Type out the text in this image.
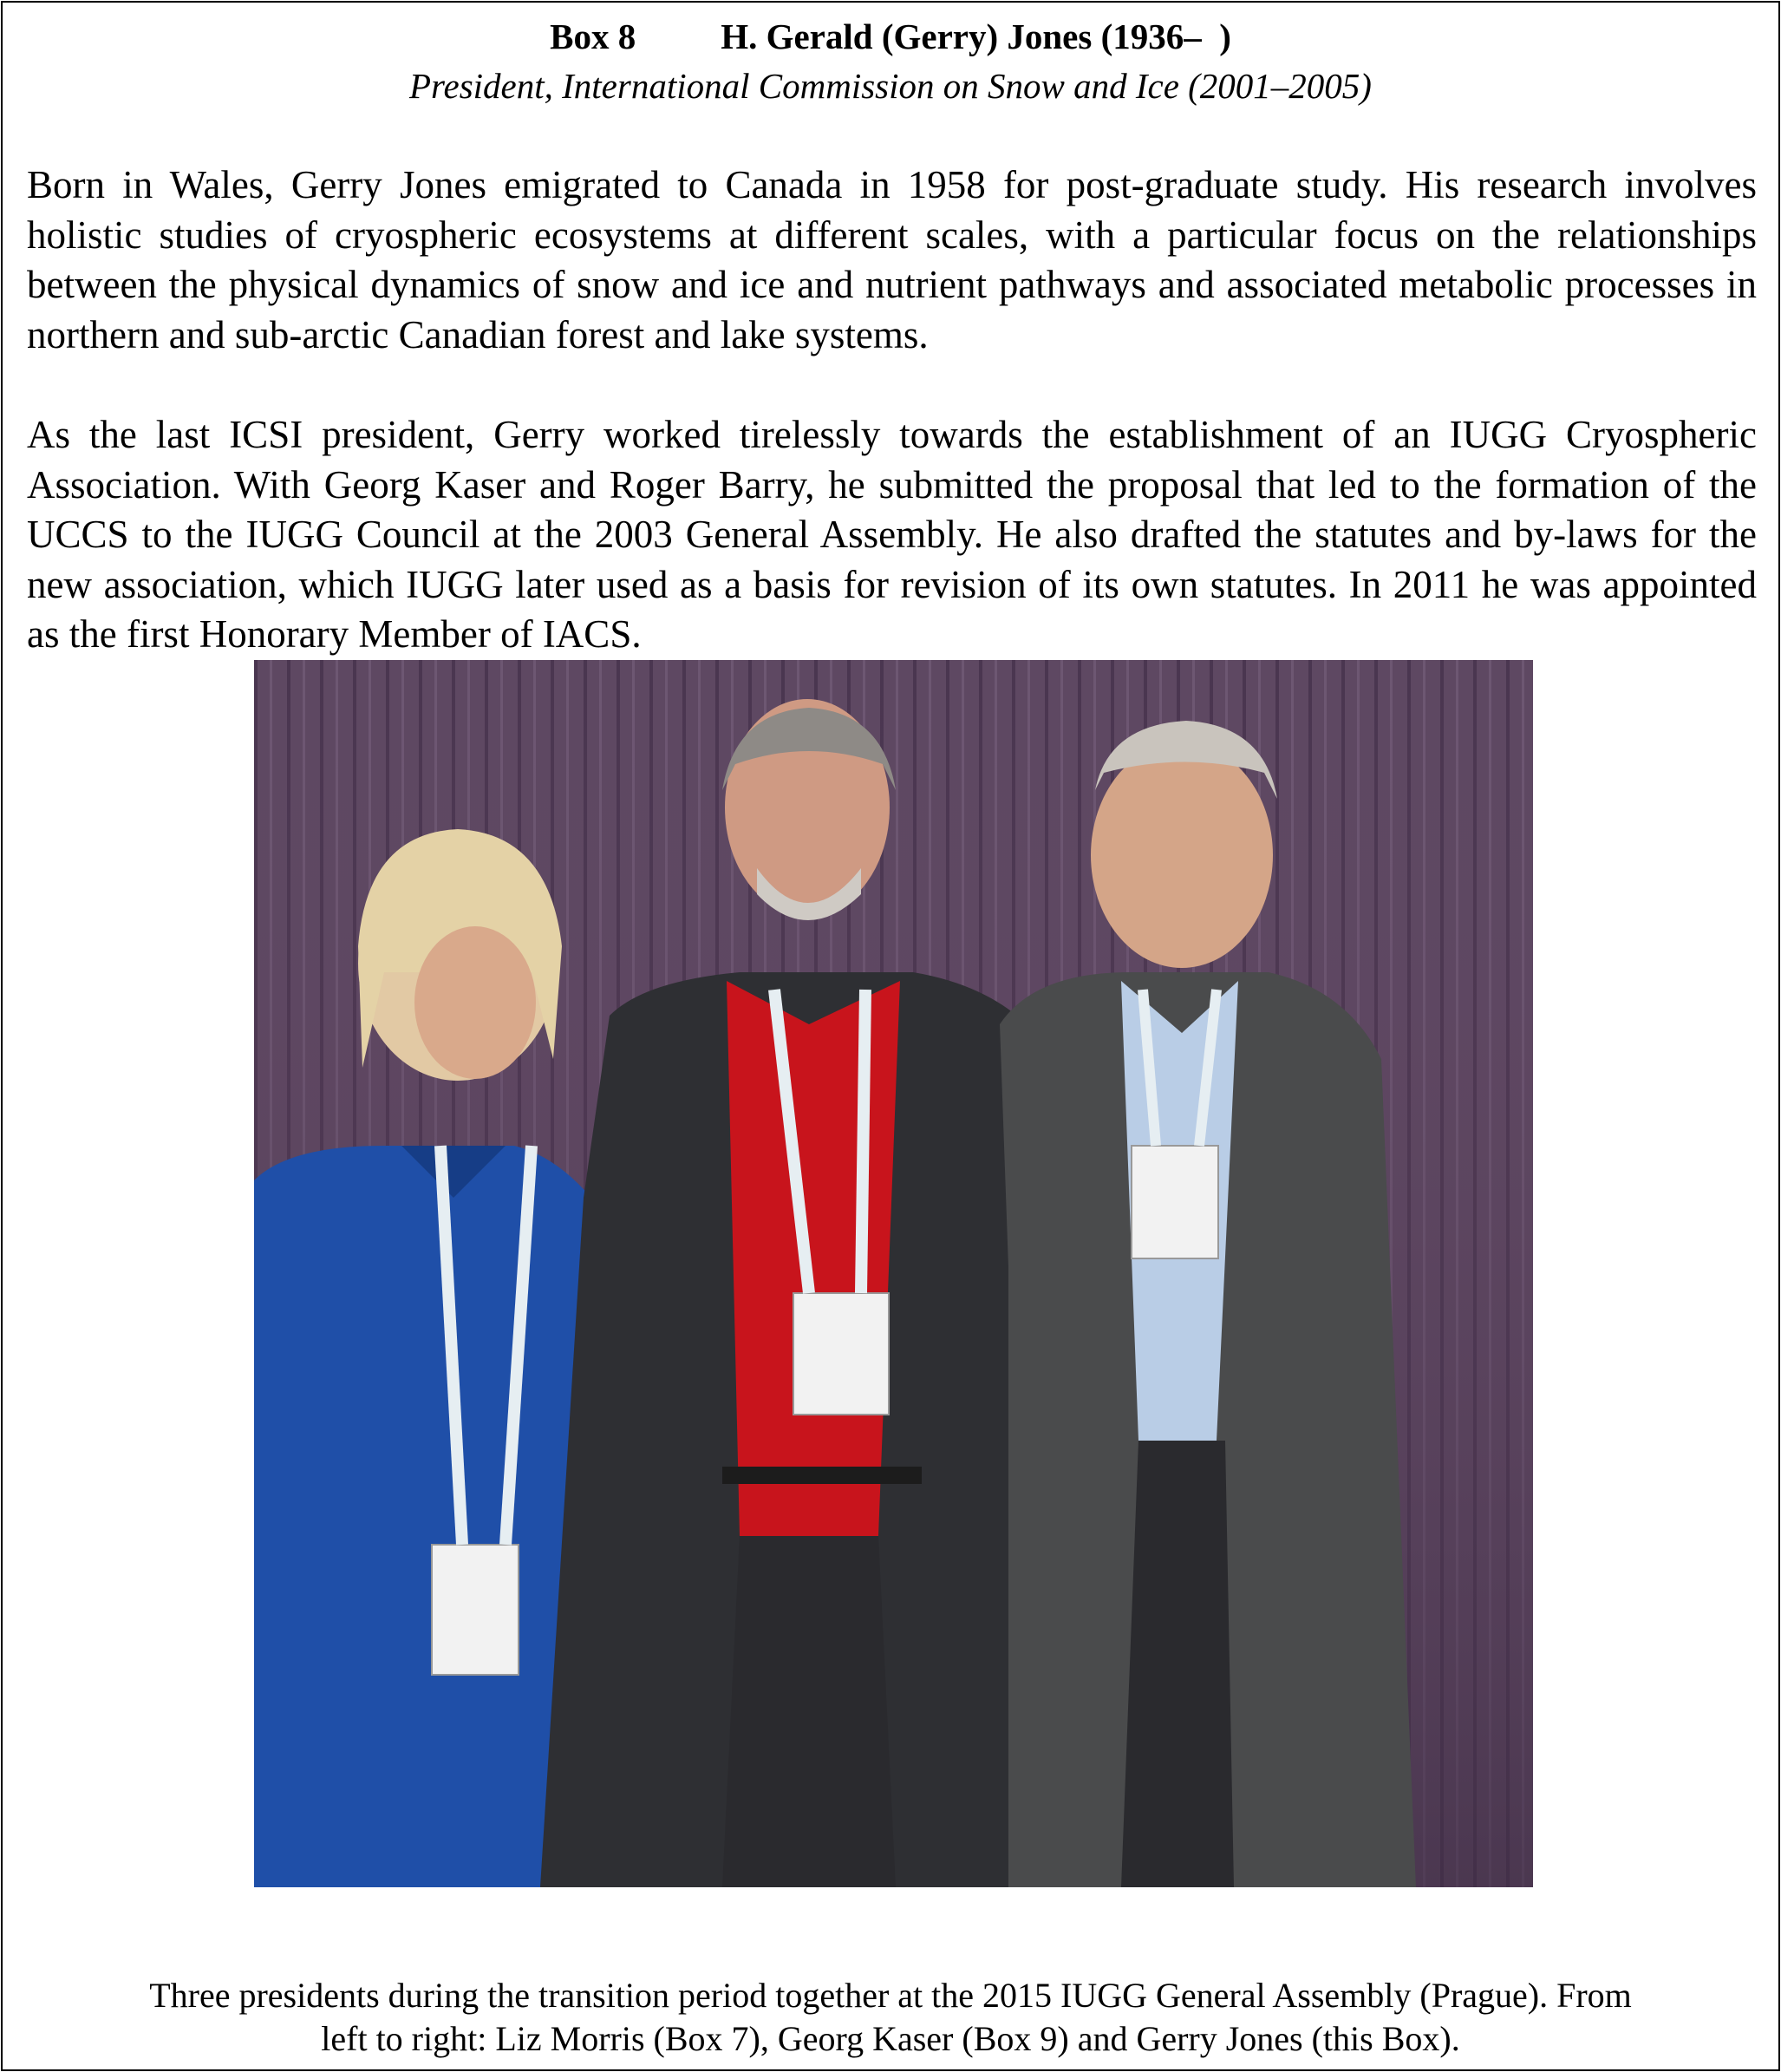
Box 8 H. Gerald (Gerry) Jones (1936–  )
President, International Commission on Snow and Ice (2001–2005)
Born in Wales, Gerry Jones emigrated to Canada in 1958 for post-graduate study. His research involves holistic studies of cryospheric ecosystems at different scales, with a particular focus on the relationships between the physical dynamics of snow and ice and nutrient pathways and associated metabolic processes in northern and sub-arctic Canadian forest and lake systems.
As the last ICSI president, Gerry worked tirelessly towards the establishment of an IUGG Cryospheric Association. With Georg Kaser and Roger Barry, he submitted the proposal that led to the formation of the UCCS to the IUGG Council at the 2003 General Assembly. He also drafted the statutes and by-laws for the new association, which IUGG later used as a basis for revision of its own statutes. In 2011 he was appointed as the first Honorary Member of IACS.
Three presidents during the transition period together at the 2015 IUGG General Assembly (Prague). From
left to right: Liz Morris (Box 7), Georg Kaser (Box 9) and Gerry Jones (this Box).
